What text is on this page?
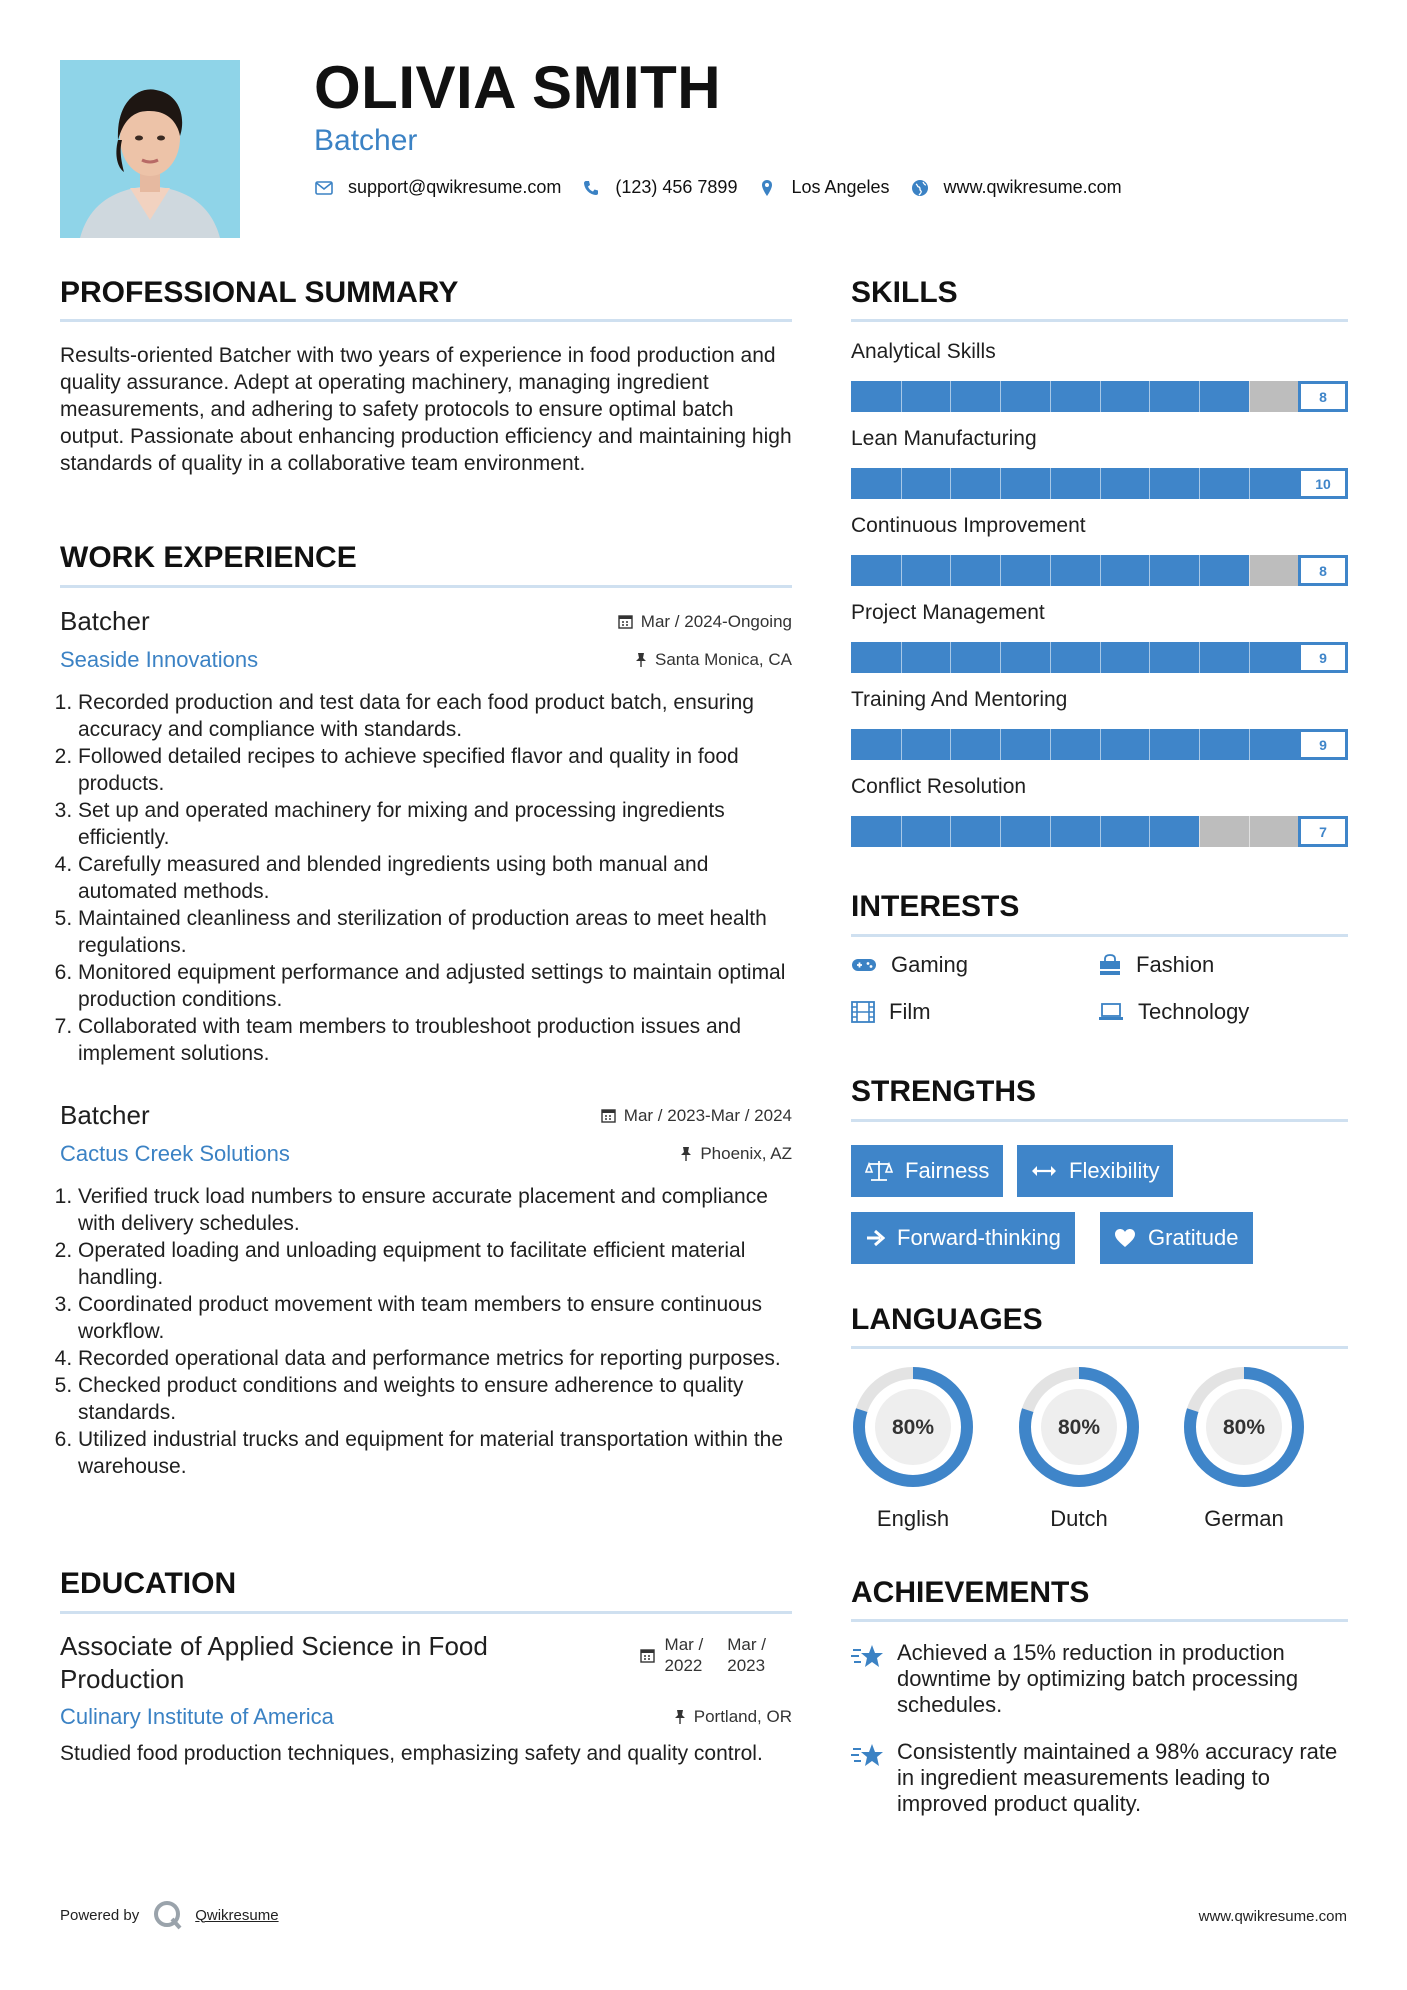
OLIVIA SMITH
Batcher
support@qwikresume.com	(123) 456 7899	Los Angeles	www.qwikresume.com
PROFESSIONAL SUMMARY
Results-oriented Batcher with two years of experience in food production and quality assurance. Adept at operating machinery, managing ingredient measurements, and adhering to safety protocols to ensure optimal batch output. Passionate about enhancing production efficiency and maintaining high standards of quality in a collaborative team environment.
WORK EXPERIENCE
Batcher	Mar / 2024-Ongoing
Seaside Innovations	Santa Monica, CA
1. Recorded production and test data for each food product batch, ensuring accuracy and compliance with standards.
2. Followed detailed recipes to achieve specified flavor and quality in food products.
3. Set up and operated machinery for mixing and processing ingredients efficiently.
4. Carefully measured and blended ingredients using both manual and automated methods.
5. Maintained cleanliness and sterilization of production areas to meet health regulations.
6. Monitored equipment performance and adjusted settings to maintain optimal production conditions.
7. Collaborated with team members to troubleshoot production issues and implement solutions.
Batcher	Mar / 2023-Mar / 2024
Cactus Creek Solutions	Phoenix, AZ
1. Verified truck load numbers to ensure accurate placement and compliance with delivery schedules.
2. Operated loading and unloading equipment to facilitate efficient material handling.
3. Coordinated product movement with team members to ensure continuous workflow.
4. Recorded operational data and performance metrics for reporting purposes.
5. Checked product conditions and weights to ensure adherence to quality standards.
6. Utilized industrial trucks and equipment for material transportation within the warehouse.
EDUCATION
Associate of Applied Science in Food Production
Mar /
2022
Mar /
2023
Culinary Institute of America	Portland, OR
Studied food production techniques, emphasizing safety and quality control.
SKILLS
Analytical Skills
8
Lean Manufacturing
10
Continuous Improvement
8
Project Management
9
Training And Mentoring
9
Conflict Resolution
7
INTERESTS
Gaming	Fashion
Film	Technology
STRENGTHS
Fairness	Flexibility
Forward-thinking	Gratitude
LANGUAGES
80%
English
80%
Dutch
80%
German
ACHIEVEMENTS
Achieved a 15% reduction in production downtime by optimizing batch processing schedules.
Consistently maintained a 98% accuracy rate in ingredient measurements leading to improved product quality.
Powered by	Qwikresume	www.qwikresume.com
